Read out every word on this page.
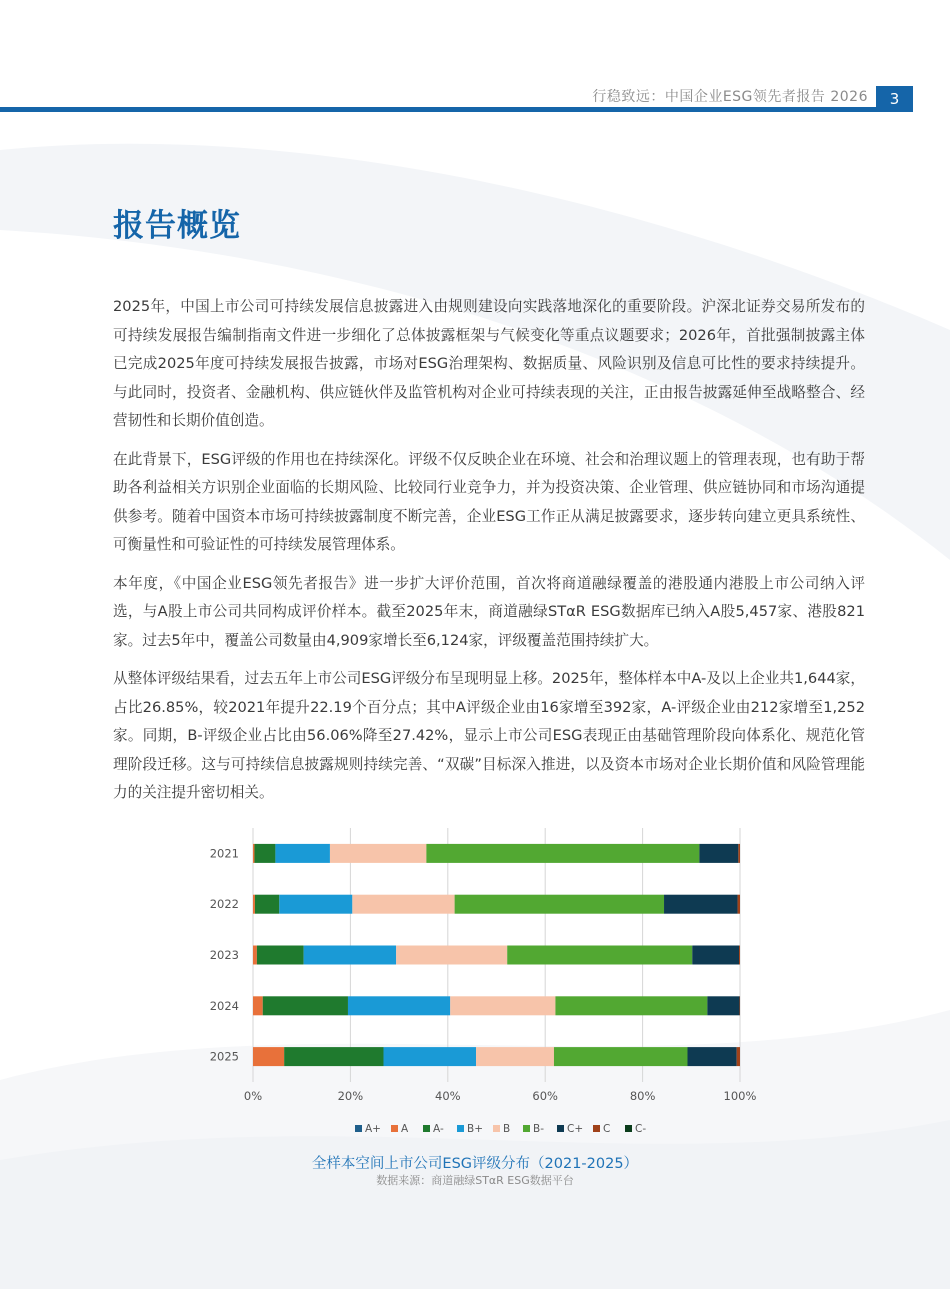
行稳致远：中国企业ESG领先者报告 2026	3
报告概览

2025年，中国上市公司可持续发展信息披露进入由规则建设向实践落地深化的重要阶段。沪深北证券交易所发布的可持续发展报告编制指南文件进一步细化了总体披露框架与气候变化等重点议题要求；2026年，首批强制披露主体已完成2025年度可持续发展报告披露，市场对ESG治理架构、数据质量、风险识别及信息可比性的要求持续提升。与此同时，投资者、金融机构、供应链伙伴及监管机构对企业可持续表现的关注，正由报告披露延伸至战略整合、经营韧性和长期价值创造。

在此背景下，ESG评级的作用也在持续深化。评级不仅反映企业在环境、社会和治理议题上的管理表现，也有助于帮助各利益相关方识别企业面临的长期风险、比较同行业竞争力，并为投资决策、企业管理、供应链协同和市场沟通提供参考。随着中国资本市场可持续披露制度不断完善，企业ESG工作正从满足披露要求，逐步转向建立更具系统性、可衡量性和可验证性的可持续发展管理体系。

本年度，《中国企业ESG领先者报告》进一步扩大评价范围，首次将商道融绿覆盖的港股通内港股上市公司纳入评选，与A股上市公司共同构成评价样本。截至2025年末，商道融绿STαR ESG数据库已纳入A股5,457家、港股821家。过去5年中，覆盖公司数量由4,909家增长至6,124家，评级覆盖范围持续扩大。

从整体评级结果看，过去五年上市公司ESG评级分布呈现明显上移。2025年，整体样本中A-及以上企业共1,644家，占比26.85%，较2021年提升22.19个百分点；其中A评级企业由16家增至392家，A-评级企业由212家增至1,252家。同期，B-评级企业占比由56.06%降至27.42%，显示上市公司ESG表现正由基础管理阶段向体系化、规范化管理阶段迁移。这与可持续信息披露规则持续完善、“双碳”目标深入推进，以及资本市场对企业长期价值和风险管理能力的关注提升密切相关。

0%	20%	40%	60%	80%	100%
2021
2022
2023
2024
2025
A+ A A- B+ B B- C+ C C-
全样本空间上市公司ESG评级分布（2021-2025）
数据来源：商道融绿STαR ESG数据平台
